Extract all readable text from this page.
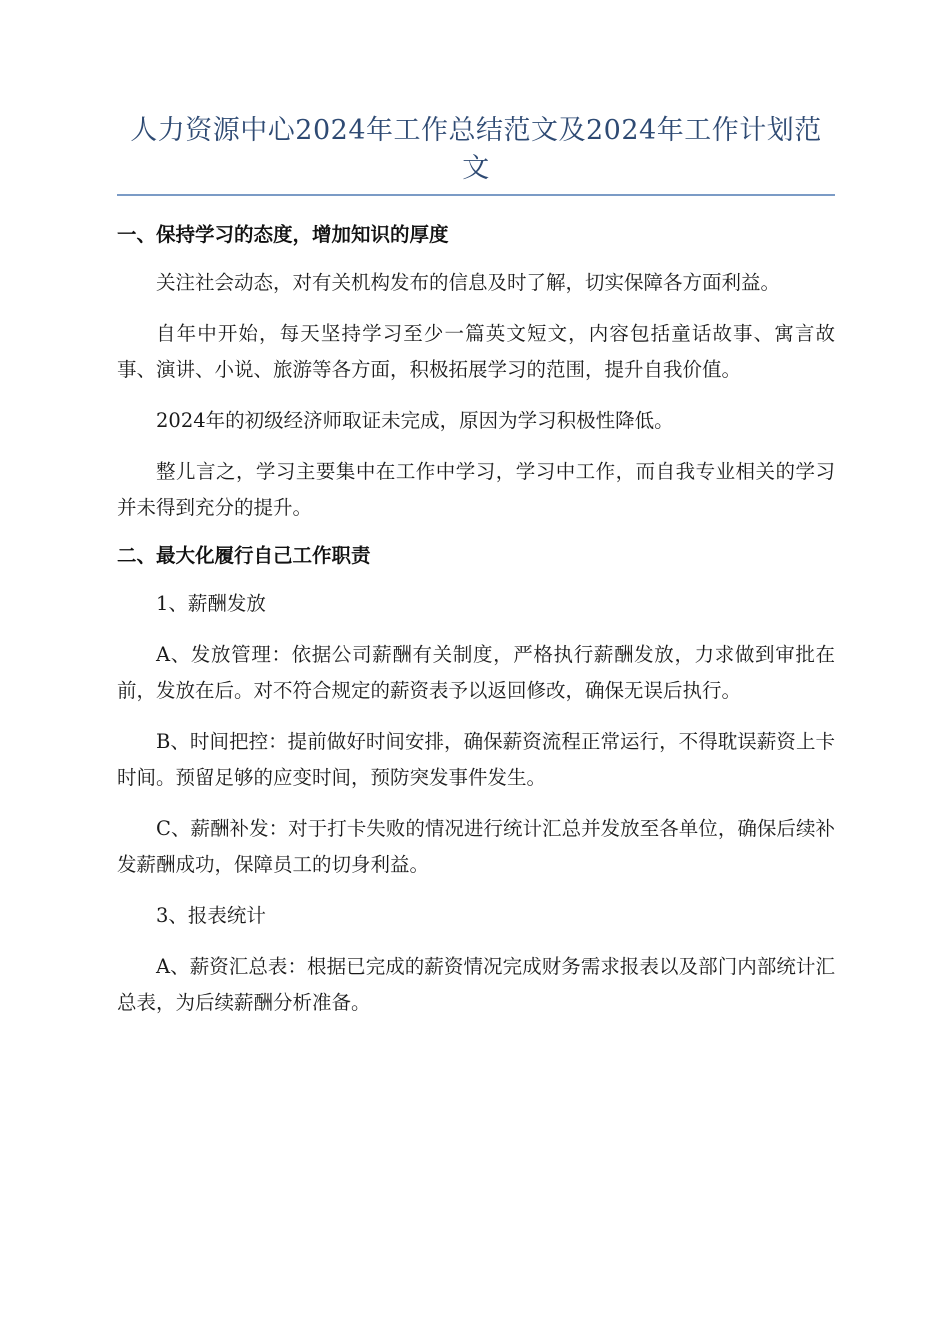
人力资源中心2024年工作总结范文及2024年工作计划范文
一、保持学习的态度，增加知识的厚度

关注社会动态，对有关机构发布的信息及时了解，切实保障各方面利益。

自年中开始，每天坚持学习至少一篇英文短文，内容包括童话故事、寓言故事、演讲、小说、旅游等各方面，积极拓展学习的范围，提升自我价值。

2024年的初级经济师取证未完成，原因为学习积极性降低。

整儿言之，学习主要集中在工作中学习，学习中工作，而自我专业相关的学习并未得到充分的提升。

二、最大化履行自己工作职责

1、薪酬发放

A、发放管理：依据公司薪酬有关制度，严格执行薪酬发放，力求做到审批在前，发放在后。对不符合规定的薪资表予以返回修改，确保无误后执行。

B、时间把控：提前做好时间安排，确保薪资流程正常运行，不得耽误薪资上卡时间。预留足够的应变时间，预防突发事件发生。

C、薪酬补发：对于打卡失败的情况进行统计汇总并发放至各单位，确保后续补发薪酬成功，保障员工的切身利益。

3、报表统计

A、薪资汇总表：根据已完成的薪资情况完成财务需求报表以及部门内部统计汇总表，为后续薪酬分析准备。
